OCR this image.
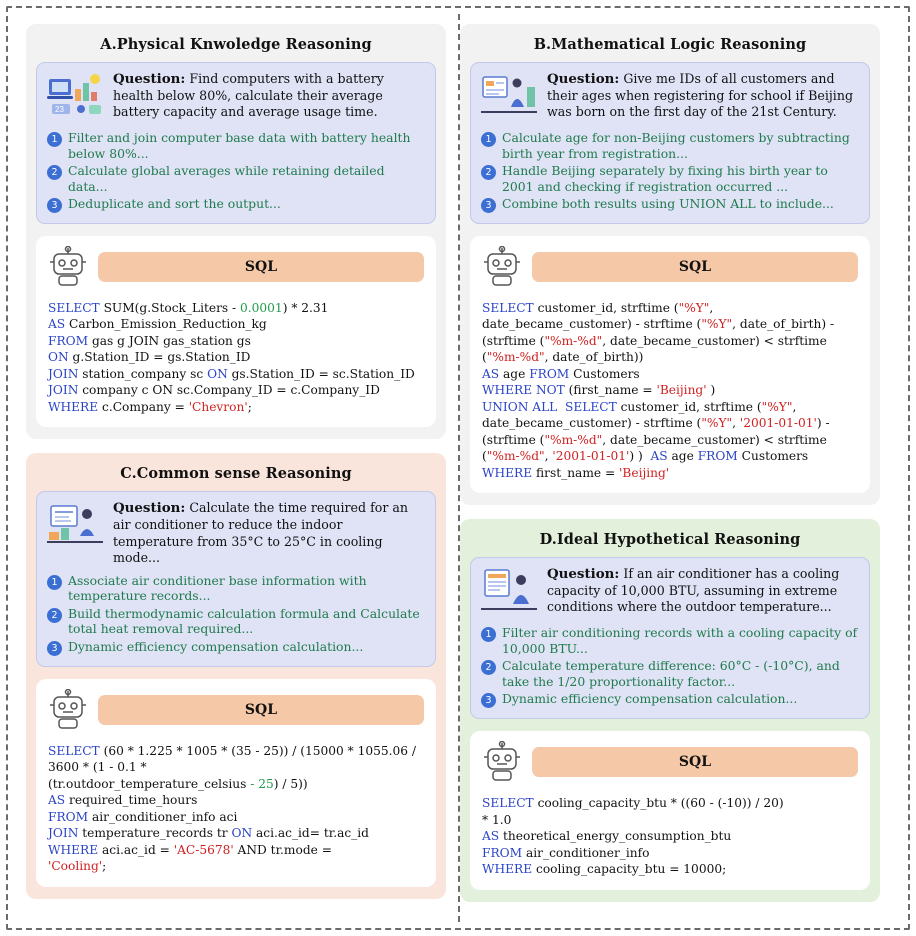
A.Physical Knwoledge Reasoning
23
Question: Find computers with a battery health below 80%, calculate their average battery capacity and average usage time.
1 Filter and join computer base data with battery health below 80%...
2 Calculate global averages while retaining detailed data...
3 Deduplicate and sort the output...
SQL
SELECT SUM(g.Stock_Liters - 0.0001) * 2.31
AS Carbon_Emission_Reduction_kg
FROM gas g JOIN gas_station gs
ON g.Station_ID = gs.Station_ID
JOIN station_company sc ON gs.Station_ID = sc.Station_ID
JOIN company c ON sc.Company_ID = c.Company_ID
WHERE c.Company = 'Chevron';
C.Common sense Reasoning
Question: Calculate the time required for an air conditioner to reduce the indoor temperature from 35°C to 25°C in cooling mode...
1 Associate air conditioner base information with temperature records...
2 Build thermodynamic calculation formula and Calculate total heat removal required...
3 Dynamic efficiency compensation calculation...
SQL
SELECT (60 * 1.225 * 1005 * (35 - 25)) / (15000 * 1055.06 / 3600 * (1 - 0.1 *
(tr.outdoor_temperature_celsius - 25) / 5))
AS required_time_hours
FROM air_conditioner_info aci
JOIN temperature_records tr ON aci.ac_id= tr.ac_id
WHERE aci.ac_id = 'AC-5678' AND tr.mode =
'Cooling';
B.Mathematical Logic Reasoning
Question: Give me IDs of all customers and their ages when registering for school if Beijing was born on the first day of the 21st Century.
1 Calculate age for non-Beijing customers by subtracting birth year from registration...
2 Handle Beijing separately by fixing his birth year to 2001 and checking if registration occurred ...
3 Combine both results using UNION ALL to include...
SQL
SELECT customer_id, strftime ("%Y", date_became_customer) - strftime ("%Y", date_of_birth) - (strftime ("%m-%d", date_became_customer) < strftime ("%m-%d", date_of_birth))
AS age FROM Customers
WHERE NOT (first_name = 'Beijing' )
UNION ALL SELECT customer_id, strftime ("%Y", date_became_customer) - strftime ("%Y", '2001-01-01') - (strftime ("%m-%d", date_became_customer) < strftime ("%m-%d", '2001-01-01') )  AS age FROM Customers WHERE first_name = 'Beijing'
D.Ideal Hypothetical Reasoning
Question: If an air conditioner has a cooling capacity of 10,000 BTU, assuming in extreme conditions where the outdoor temperature...
1 Filter air conditioning records with a cooling capacity of 10,000 BTU...
2 Calculate temperature difference: 60°C - (-10°C), and take the 1/20 proportionality factor...
3 Dynamic efficiency compensation calculation...
SQL
SELECT cooling_capacity_btu * ((60 - (-10)) / 20)
* 1.0
AS theoretical_energy_consumption_btu
FROM air_conditioner_info
WHERE cooling_capacity_btu = 10000;
